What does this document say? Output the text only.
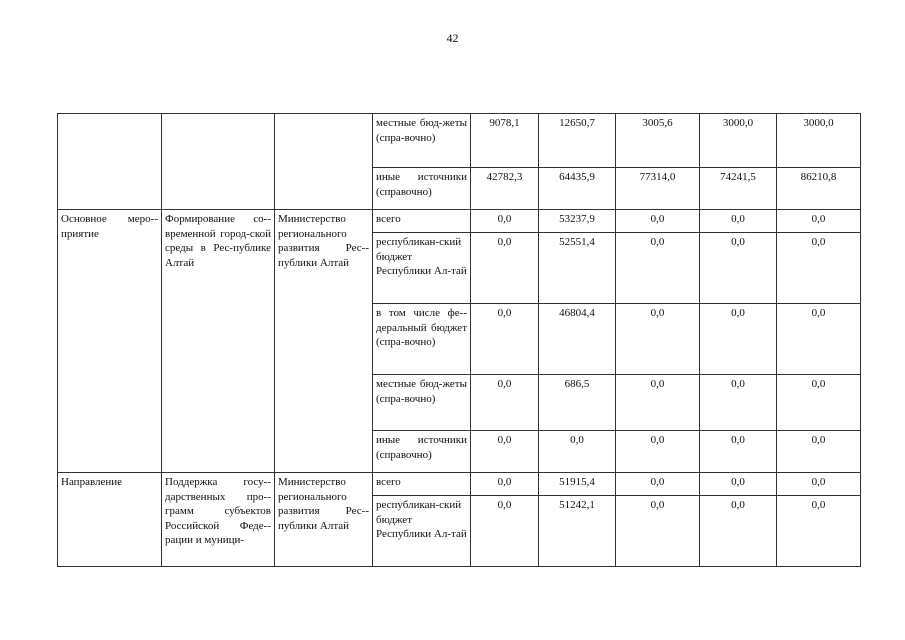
42
			местные бюд-жеты (спра-вочно)	9078,1	12650,7	3005,6	3000,0	3000,0

			иные источники (справочно)	42782,3	64435,9	77314,0	74241,5	86210,8

Основное меро-приятие	Формирование со-временной город-ской среды в Рес-публике Алтай	Министерство регионального развития Рес-публики Алтай	всего	0,0	53237,9	0,0	0,0	0,0

			республикан-ский бюджет Республики Ал-тай	0,0	52551,4	0,0	0,0	0,0

			в том числе фе-деральный бюджет (спра-вочно)	0,0	46804,4	0,0	0,0	0,0

			местные бюд-жеты (спра-вочно)	0,0	686,5	0,0	0,0	0,0

			иные источники (справочно)	0,0	0,0	0,0	0,0	0,0

Направление	Поддержка госу-дарственных про-грамм субъектов Российской Феде-рации и муници-	Министерство регионального развития Рес-публики Алтай	всего	0,0	51915,4	0,0	0,0	0,0

			республикан-ский бюджет Республики Ал-тай	0,0	51242,1	0,0	0,0	0,0
